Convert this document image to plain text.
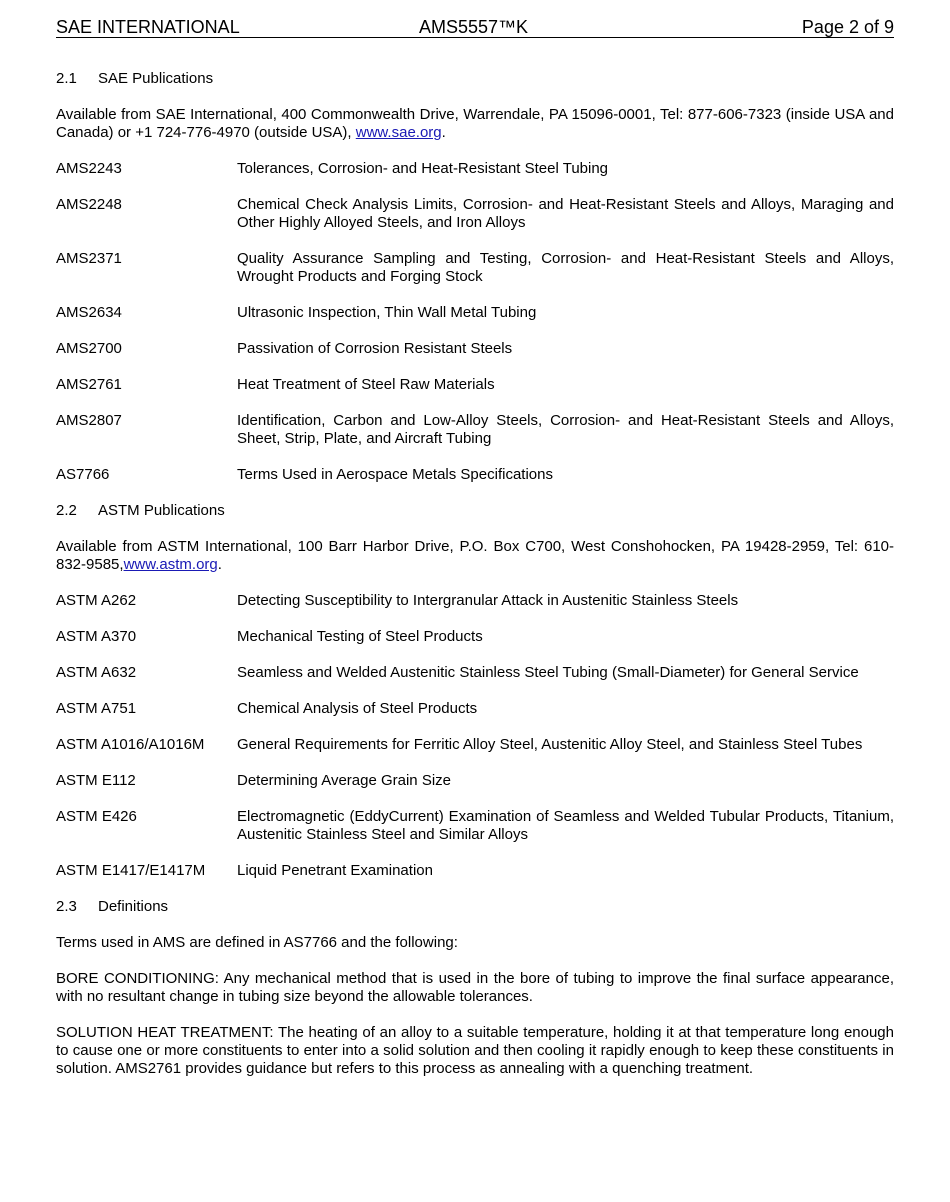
SAE INTERNATIONAL	AMS5557™K	Page 2 of 9
2.1	SAE Publications

Available from SAE International, 400 Commonwealth Drive, Warrendale, PA 15096-0001, Tel: 877-606-7323 (inside USA and Canada) or +1 724-776-4970 (outside USA), www.sae.org.

AMS2243	Tolerances, Corrosion- and Heat-Resistant Steel Tubing
AMS2248	Chemical Check Analysis Limits, Corrosion- and Heat-Resistant Steels and Alloys, Maraging and Other Highly Alloyed Steels, and Iron Alloys
AMS2371	Quality Assurance Sampling and Testing, Corrosion- and Heat-Resistant Steels and Alloys, Wrought Products and Forging Stock
AMS2634	Ultrasonic Inspection, Thin Wall Metal Tubing
AMS2700	Passivation of Corrosion Resistant Steels
AMS2761	Heat Treatment of Steel Raw Materials
AMS2807	Identification, Carbon and Low-Alloy Steels, Corrosion- and Heat-Resistant Steels and Alloys, Sheet, Strip, Plate, and Aircraft Tubing
AS7766	Terms Used in Aerospace Metals Specifications
2.2	ASTM Publications

Available from ASTM International, 100 Barr Harbor Drive, P.O. Box C700, West Conshohocken, PA 19428-2959, Tel: 610-832-9585,www.astm.org.

ASTM A262	Detecting Susceptibility to Intergranular Attack in Austenitic Stainless Steels
ASTM A370	Mechanical Testing of Steel Products
ASTM A632	Seamless and Welded Austenitic Stainless Steel Tubing (Small-Diameter) for General Service
ASTM A751	Chemical Analysis of Steel Products
ASTM A1016/A1016M	General Requirements for Ferritic Alloy Steel, Austenitic Alloy Steel, and Stainless Steel Tubes
ASTM E112	Determining Average Grain Size
ASTM E426	Electromagnetic (EddyCurrent) Examination of Seamless and Welded Tubular Products, Titanium, Austenitic Stainless Steel and Similar Alloys
ASTM E1417/E1417M	Liquid Penetrant Examination
2.3	Definitions

Terms used in AMS are defined in AS7766 and the following:

BORE CONDITIONING: Any mechanical method that is used in the bore of tubing to improve the final surface appearance, with no resultant change in tubing size beyond the allowable tolerances.

SOLUTION HEAT TREATMENT: The heating of an alloy to a suitable temperature, holding it at that temperature long enough to cause one or more constituents to enter into a solid solution and then cooling it rapidly enough to keep these constituents in solution. AMS2761 provides guidance but refers to this process as annealing with a quenching treatment.
